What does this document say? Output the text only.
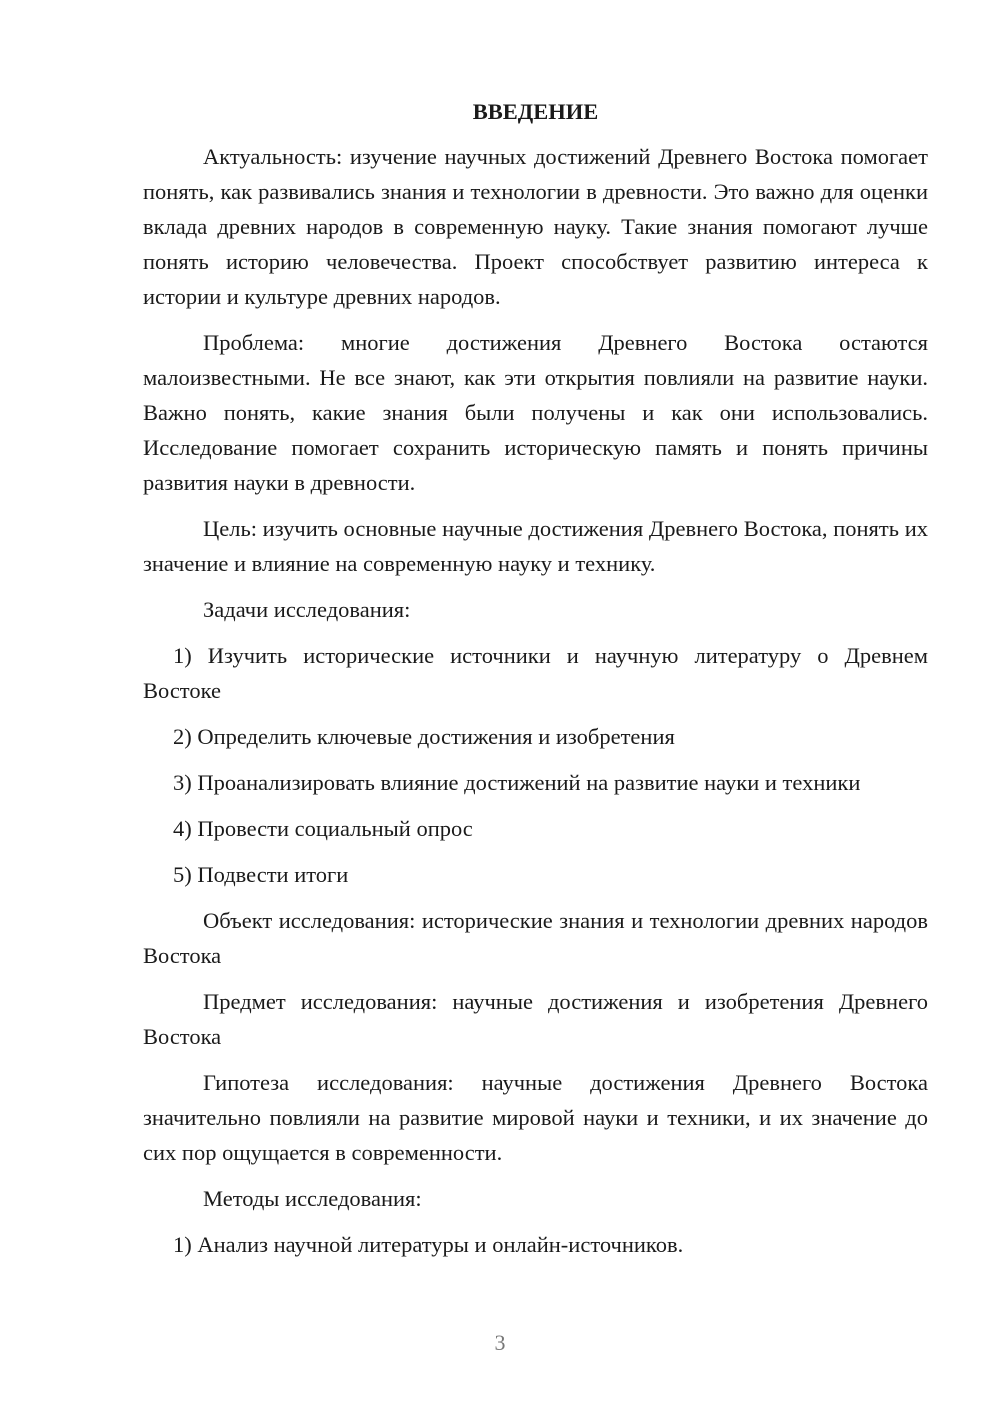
ВВЕДЕНИЕ

Актуальность: изучение научных достижений Древнего Востока помогает понять, как развивались знания и технологии в древности. Это важно для оценки вклада древних народов в современную науку. Такие знания помогают лучше понять историю человечества. Проект способствует развитию интереса к истории и культуре древних народов.

Проблема: многие достижения Древнего Востока остаются малоизвестными. Не все знают, как эти открытия повлияли на развитие науки. Важно понять, какие знания были получены и как они использовались. Исследование помогает сохранить историческую память и понять причины развития науки в древности.

Цель: изучить основные научные достижения Древнего Востока, понять их значение и влияние на современную науку и технику.

Задачи исследования:

1) Изучить исторические источники и научную литературу о Древнем Востоке

2) Определить ключевые достижения и изобретения

3) Проанализировать влияние достижений на развитие науки и техники

4) Провести социальный опрос

5) Подвести итоги

Объект исследования: исторические знания и технологии древних народов Востока

Предмет исследования: научные достижения и изобретения Древнего Востока

Гипотеза исследования: научные достижения Древнего Востока значительно повлияли на развитие мировой науки и техники, и их значение до сих пор ощущается в современности.

Методы исследования:

1) Анализ научной литературы и онлайн-источников.

3
